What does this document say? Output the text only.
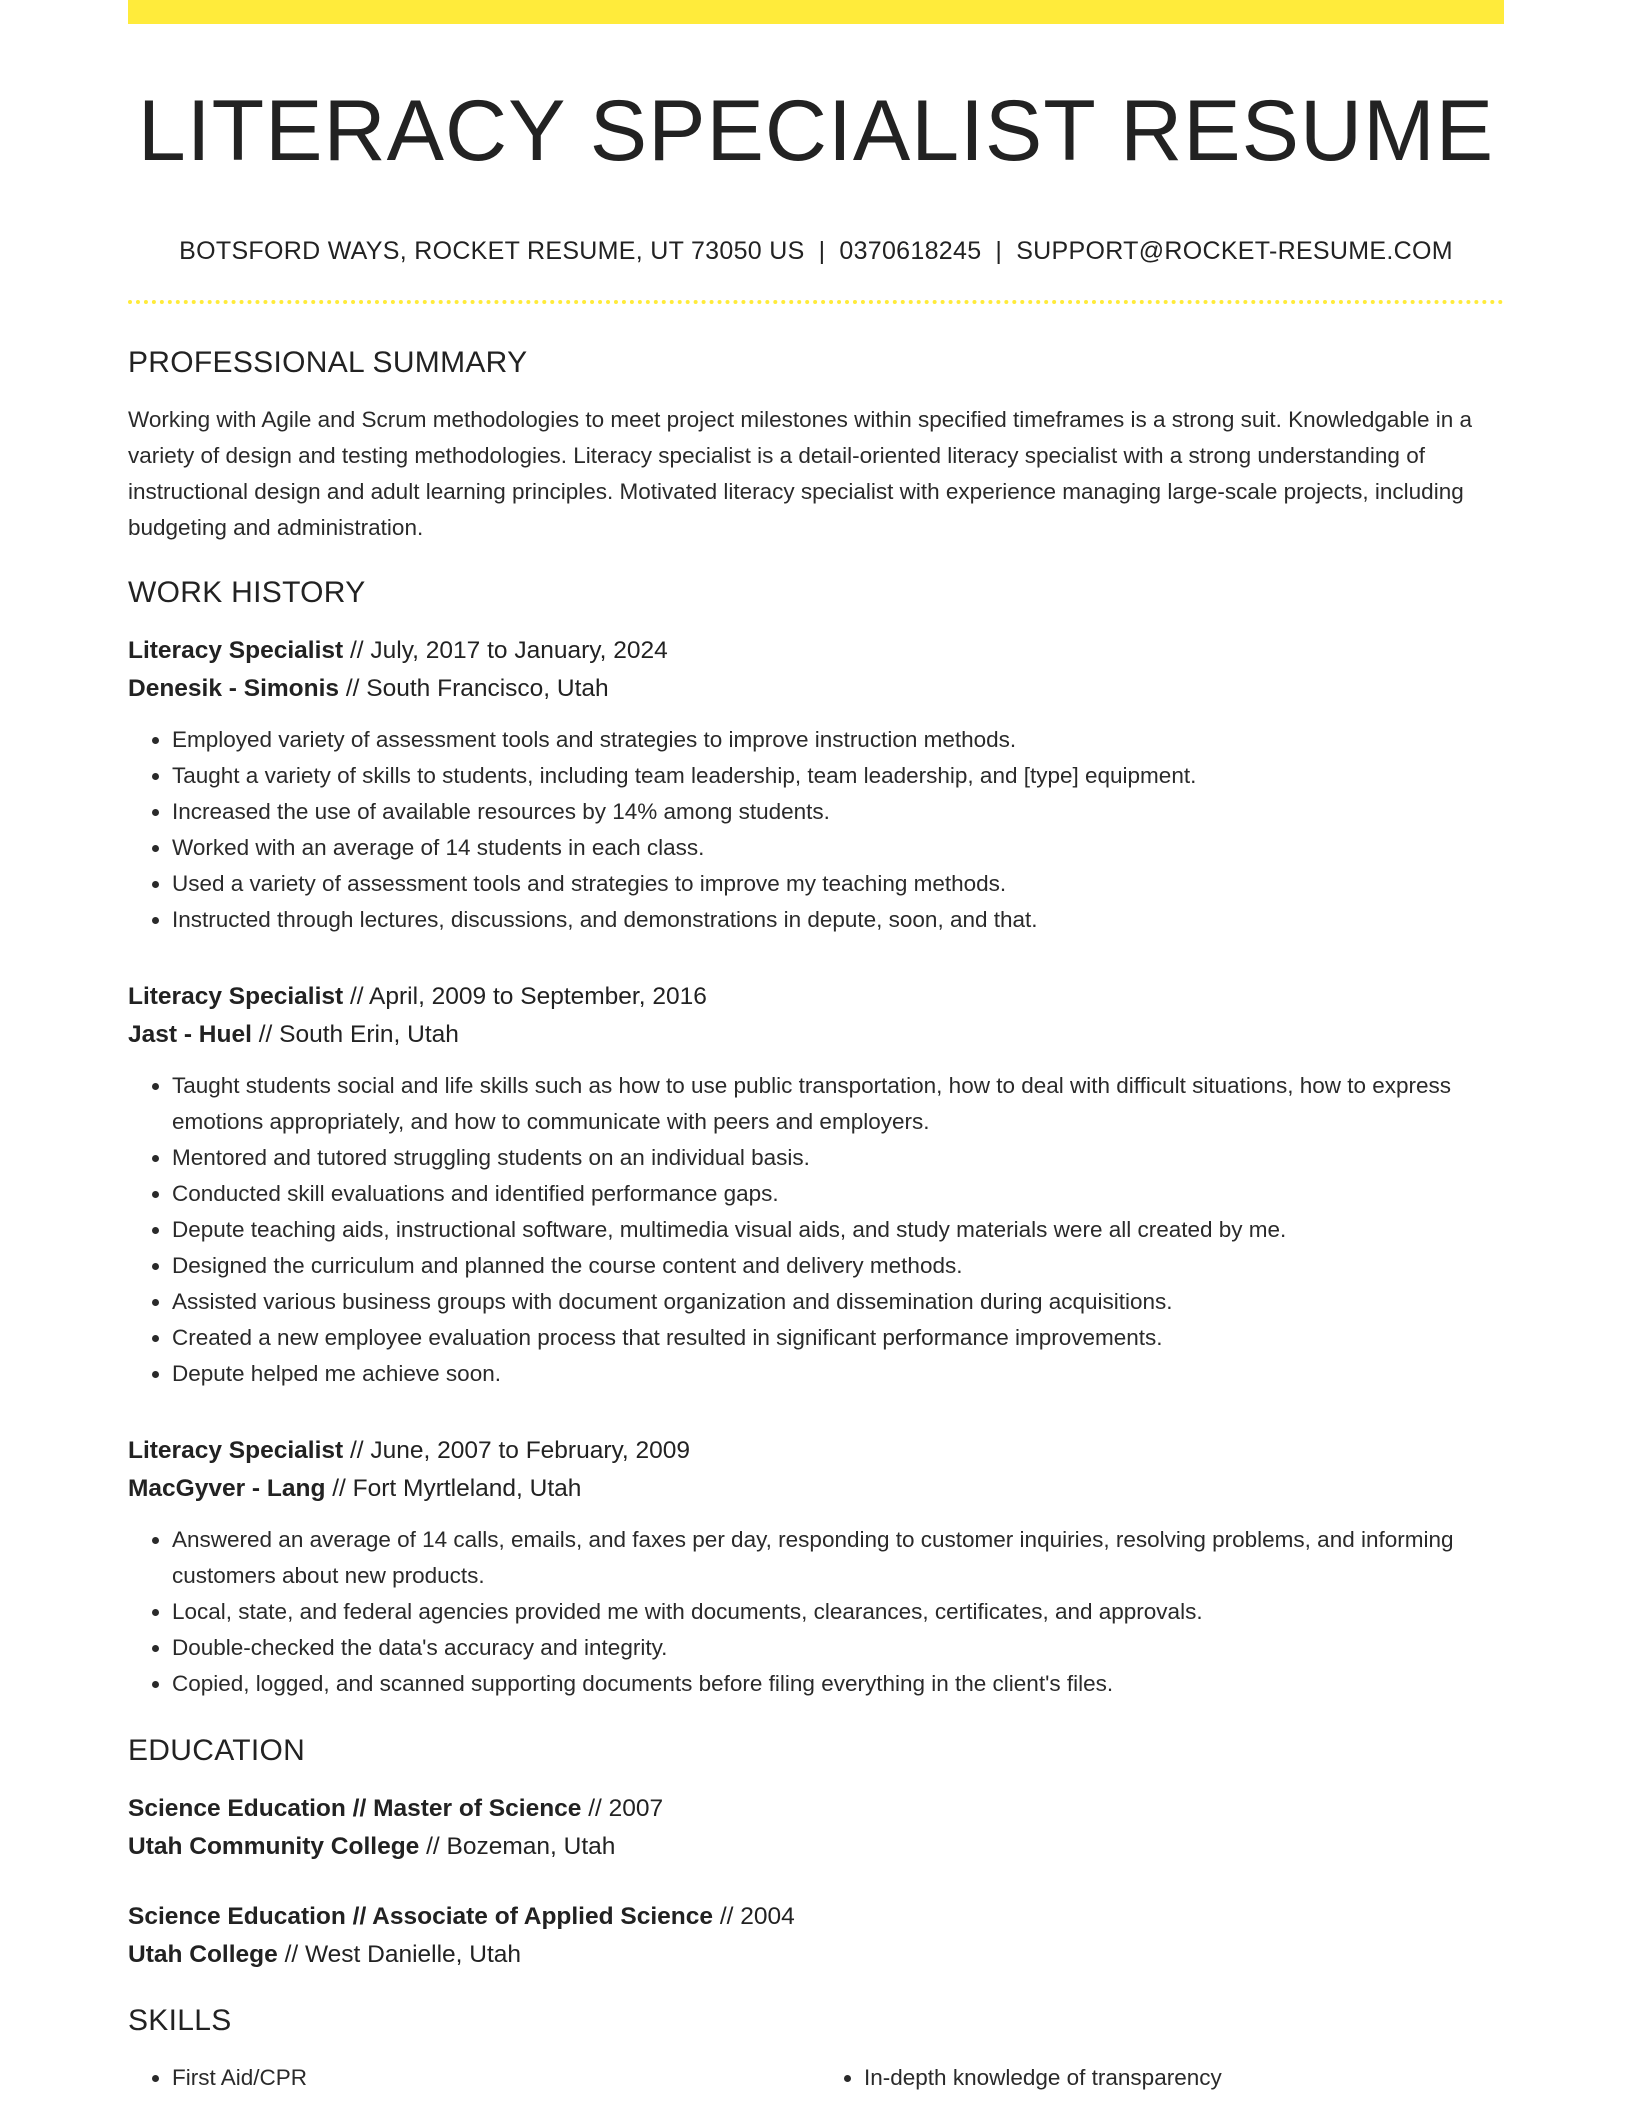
LITERACY SPECIALIST RESUME
BOTSFORD WAYS, ROCKET RESUME, UT 73050 US | 0370618245 | SUPPORT@ROCKET-RESUME.COM
PROFESSIONAL SUMMARY
Working with Agile and Scrum methodologies to meet project milestones within specified timeframes is a strong suit. Knowledgable in a variety of design and testing methodologies. Literacy specialist is a detail-oriented literacy specialist with a strong understanding of instructional design and adult learning principles. Motivated literacy specialist with experience managing large-scale projects, including budgeting and administration.
WORK HISTORY
Literacy Specialist // July, 2017 to January, 2024
Denesik - Simonis // South Francisco, Utah
• Employed variety of assessment tools and strategies to improve instruction methods.
• Taught a variety of skills to students, including team leadership, team leadership, and [type] equipment.
• Increased the use of available resources by 14% among students.
• Worked with an average of 14 students in each class.
• Used a variety of assessment tools and strategies to improve my teaching methods.
• Instructed through lectures, discussions, and demonstrations in depute, soon, and that.
Literacy Specialist // April, 2009 to September, 2016
Jast - Huel // South Erin, Utah
• Taught students social and life skills such as how to use public transportation, how to deal with difficult situations, how to express emotions appropriately, and how to communicate with peers and employers.
• Mentored and tutored struggling students on an individual basis.
• Conducted skill evaluations and identified performance gaps.
• Depute teaching aids, instructional software, multimedia visual aids, and study materials were all created by me.
• Designed the curriculum and planned the course content and delivery methods.
• Assisted various business groups with document organization and dissemination during acquisitions.
• Created a new employee evaluation process that resulted in significant performance improvements.
• Depute helped me achieve soon.
Literacy Specialist // June, 2007 to February, 2009
MacGyver - Lang // Fort Myrtleland, Utah
• Answered an average of 14 calls, emails, and faxes per day, responding to customer inquiries, resolving problems, and informing customers about new products.
• Local, state, and federal agencies provided me with documents, clearances, certificates, and approvals.
• Double-checked the data's accuracy and integrity.
• Copied, logged, and scanned supporting documents before filing everything in the client's files.
EDUCATION
Science Education // Master of Science // 2007
Utah Community College // Bozeman, Utah
Science Education // Associate of Applied Science // 2004
Utah College // West Danielle, Utah
SKILLS
• First Aid/CPR
•	In-depth knowledge of transparency
